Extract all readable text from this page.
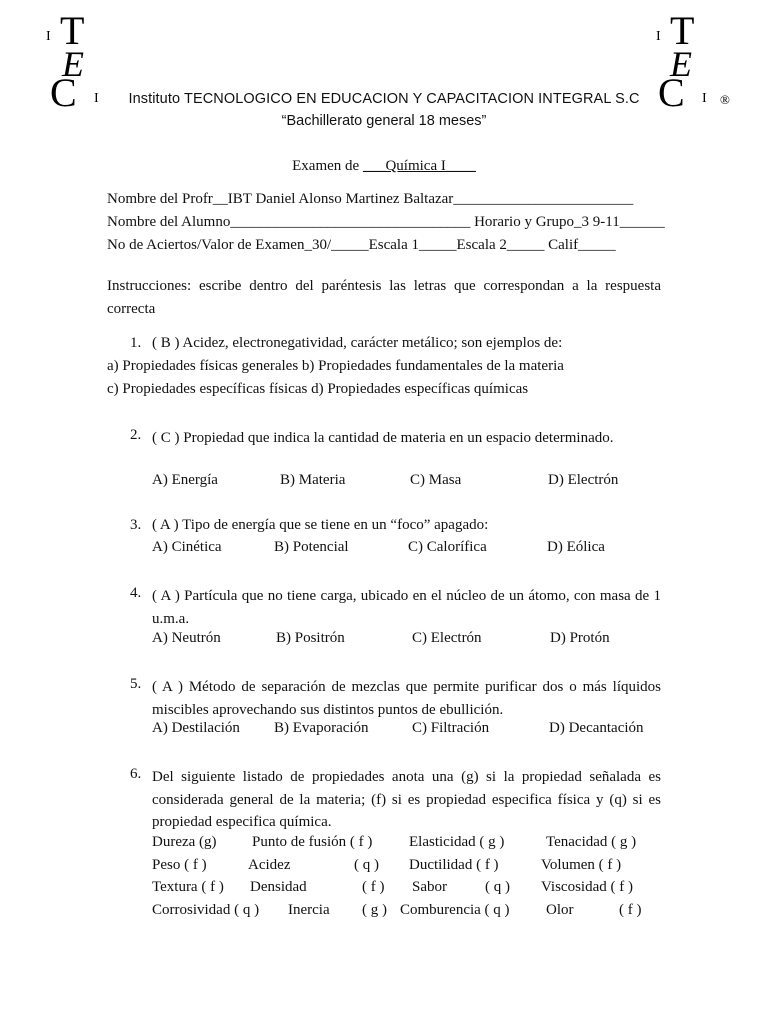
I T
E
C I
I T
E
C I ®
Instituto TECNOLOGICO EN EDUCACION Y CAPACITACION INTEGRAL S.C
“Bachillerato general 18 meses”
Examen de ___Química I____
Nombre del Profr__IBT Daniel Alonso Martinez Baltazar________________________
Nombre del Alumno________________________________ Horario y Grupo_3 9-11______
No de Aciertos/Valor de Examen_30/_____Escala 1_____Escala 2_____ Calif_____
Instrucciones: escribe dentro del paréntesis las letras que correspondan a la respuesta correcta
1. ( B ) Acidez, electronegatividad, carácter metálico; son ejemplos de:
a) Propiedades físicas generales b) Propiedades fundamentales de la materia
c) Propiedades específicas físicas d) Propiedades específicas químicas
2. ( C ) Propiedad que indica la cantidad de materia en un espacio determinado.

A) Energía

	B) Materia

	C) Masa

	D) Electrón

3. ( A ) Tipo de energía que se tiene en un “foco” apagado:

A) Cinética

	B) Potencial

	C) Calorífica

	D) Eólica

4. ( A ) Partícula que no tiene carga, ubicado en el núcleo de un átomo, con masa de 1 u.m.a.

A) Neutrón

	B) Positrón

	C) Electrón

	D) Protón

5. ( A ) Método de separación de mezclas que permite purificar dos o más líquidos miscibles aprovechando sus distintos puntos de ebullición.

A) Destilación

B) Evaporación

	C) Filtración

	D) Decantación

6. Del siguiente listado de propiedades anota una (g) si la propiedad señalada es considerada general de la materia; (f) si es propiedad especifica física y (q) si es propiedad especifica química.
Dureza (g) Punto de fusión ( f ) Elasticidad ( g )	Tenacidad ( g )
Peso ( f )	Acidez	( q ) Ductilidad ( f )	Volumen ( f )
Textura ( f ) Densidad	( f ) Sabor	( q ) Viscosidad ( f )
Corrosividad ( q ) Inercia ( g ) Comburencia ( q ) Olor	( f )
